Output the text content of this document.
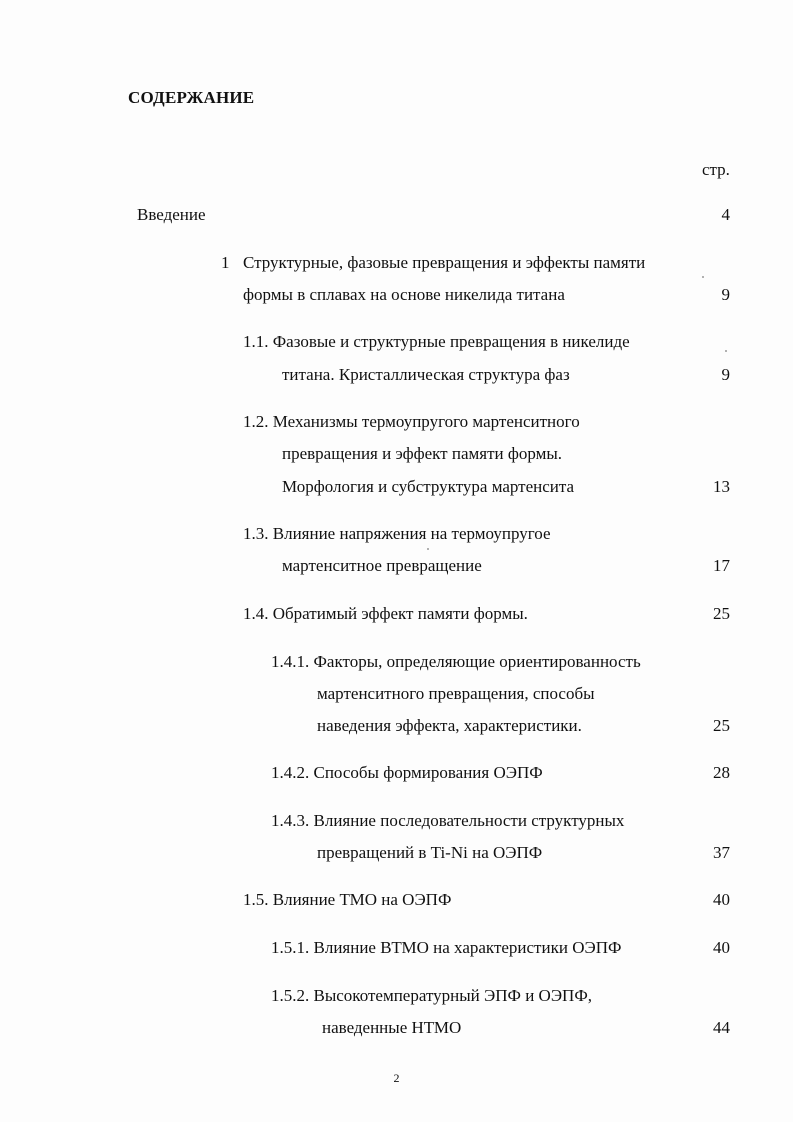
СОДЕРЖАНИЕ
стр.
Введение	4
1 Структурные, фазовые превращения и эффекты памяти
формы в сплавах на основе никелида титана	9
1.1. Фазовые и структурные превращения в никелиде
титана. Кристаллическая структура фаз	9
1.2. Механизмы термоупругого мартенситного
превращения и эффект памяти формы.
Морфология и субструктура мартенсита	13
1.3. Влияние напряжения на термоупругое
мартенситное превращение	17
1.4. Обратимый эффект памяти формы.	25
1.4.1. Факторы, определяющие ориентированность
мартенситного превращения, способы
наведения эффекта, характеристики.	25
1.4.2. Способы формирования ОЭПФ	28
1.4.3. Влияние последовательности структурных
превращений в Ti-Ni на ОЭПФ	37
1.5. Влияние ТМО на ОЭПФ	40
1.5.1. Влияние ВТМО на характеристики ОЭПФ	40
1.5.2. Высокотемпературный ЭПФ и ОЭПФ,
наведенные НТМО	44
2
